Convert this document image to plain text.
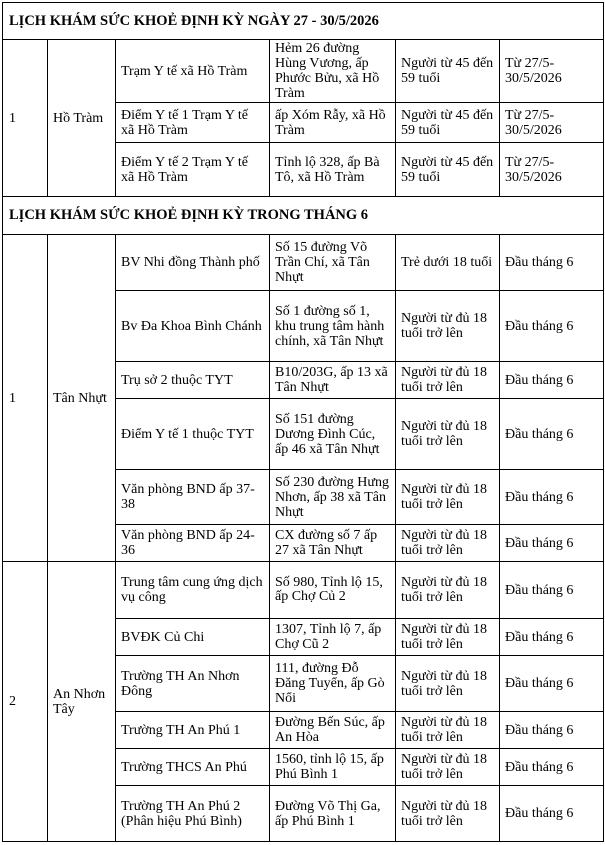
LỊCH KHÁM SỨC KHOẺ ĐỊNH KỲ NGÀY 27 - 30/5/2026					
1	Hồ Tràm	Trạm Y tế xã Hồ Tràm	Hẻm 26 đường Hùng Vương, ấp Phước Bửu, xã Hồ Tràm	Người từ 45 đến 59 tuổi	Từ 27/5-30/5/2026
		Điểm Y tế 1 Trạm Y tế xã Hồ Tràm	ấp Xóm Rẫy, xã Hồ Tràm	Người từ 45 đến 59 tuổi	Từ 27/5-30/5/2026
		Điểm Y tế 2 Trạm Y tế xã Hồ Tràm	Tỉnh lộ 328, ấp Bà Tô, xã Hồ Tràm	Người từ 45 đến 59 tuổi	Từ 27/5-30/5/2026
LỊCH KHÁM SỨC KHOẺ ĐỊNH KỲ TRONG THÁNG 6					
1	Tân Nhựt	BV Nhi đồng Thành phố	Số 15 đường Võ Trần Chí, xã Tân Nhựt	Trẻ dưới 18 tuổi	Đầu tháng 6
		Bv Đa Khoa Bình Chánh	Số 1 đường số 1, khu trung tâm hành chính, xã Tân Nhựt	Người từ đủ 18 tuổi trở lên	Đầu tháng 6
		Trụ sở 2 thuộc TYT	B10/203G, ấp 13 xã Tân Nhựt	Người từ đủ 18 tuổi trở lên	Đầu tháng 6
		Điểm Y tế 1 thuộc TYT	Số 151 đường Dương Đình Cúc, ấp 46 xã Tân Nhựt	Người từ đủ 18 tuổi trở lên	Đầu tháng 6
		Văn phòng BND ấp 37-38	Số 230 đường Hưng Nhơn, ấp 38 xã Tân Nhựt	Người từ đủ 18 tuổi trở lên	Đầu tháng 6
		Văn phòng BND ấp 24-36	CX đường số 7 ấp 27 xã Tân Nhựt	Người từ đủ 18 tuổi trở lên	Đầu tháng 6
2	An Nhơn Tây	Trung tâm cung ứng dịch vụ công	Số 980, Tỉnh lộ 15, ấp Chợ Củ 2	Người từ đủ 18 tuổi trở lên	Đầu tháng 6
		BVĐK Củ Chi	1307, Tỉnh lộ 7, ấp Chợ Cũ 2	Người từ đủ 18 tuổi trở lên	Đầu tháng 6
		Trường TH An Nhơn Đông	111, đường Đỗ Đăng Tuyển, ấp Gò Nổi	Người từ đủ 18 tuổi trở lên	Đầu tháng 6
		Trường TH An Phú 1	Đường Bến Súc, ấp An Hòa	Người từ đủ 18 tuổi trở lên	Đầu tháng 6
		Trường THCS An Phú	1560, tỉnh lộ 15, ấp Phú Bình 1	Người từ đủ 18 tuổi trở lên	Đầu tháng 6
		Trường TH An Phú 2 (Phân hiệu Phú Bình)	Đường Võ Thị Ga, ấp Phú Bình 1	Người từ đủ 18 tuổi trở lên	Đầu tháng 6
